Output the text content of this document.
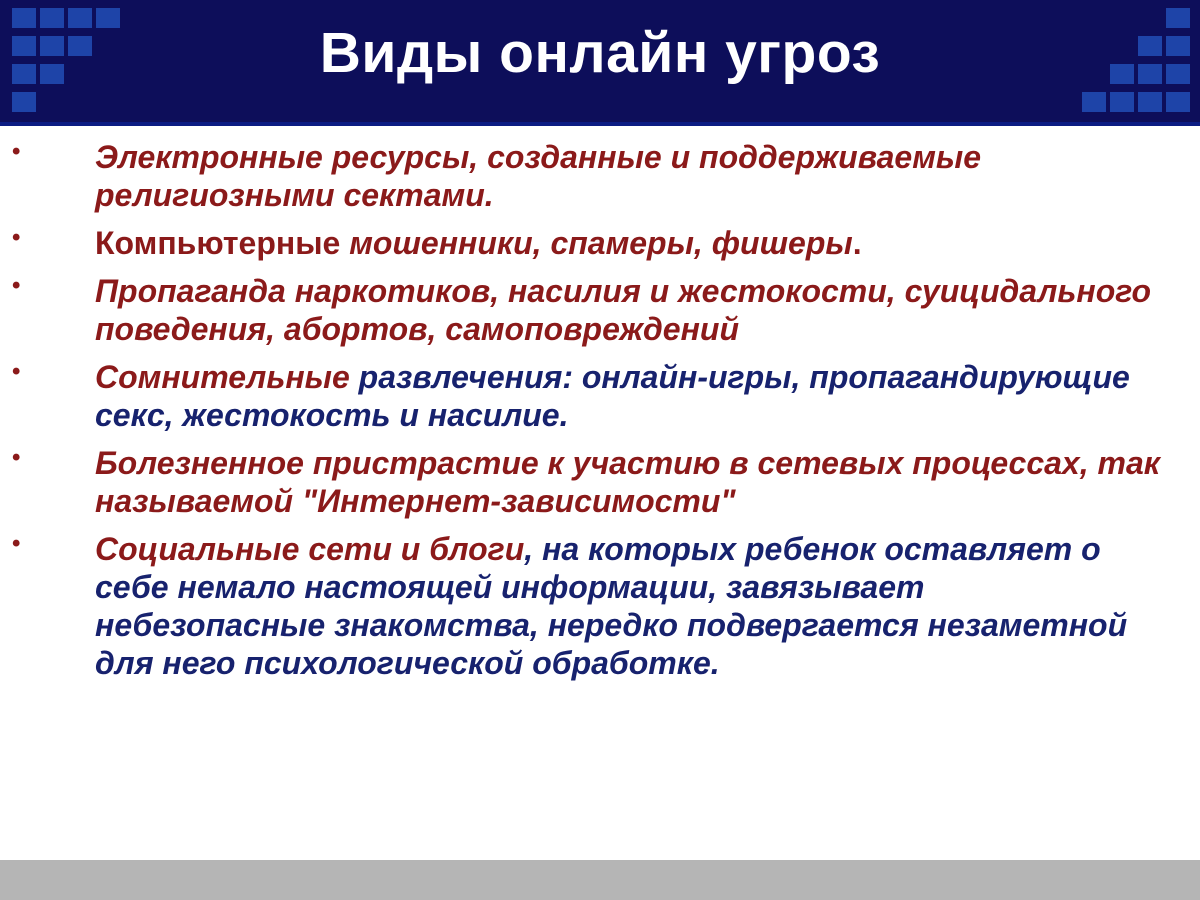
Виды онлайн угроз
• Электронные ресурсы, созданные и поддерживаемые религиозными сектами.
• Компьютерные мошенники, спамеры, фишеры.
• Пропаганда наркотиков, насилия и жестокости, суицидального поведения, абортов, самоповреждений
• Сомнительные развлечения: онлайн-игры, пропагандирующие секс, жестокость и насилие.
• Болезненное пристрастие к участию в сетевых процессах, так называемой "Интернет-зависимости"
• Социальные сети и блоги, на которых ребенок оставляет о себе немало настоящей информации, завязывает небезопасные знакомства, нередко подвергается незаметной для него психологической обработке.
